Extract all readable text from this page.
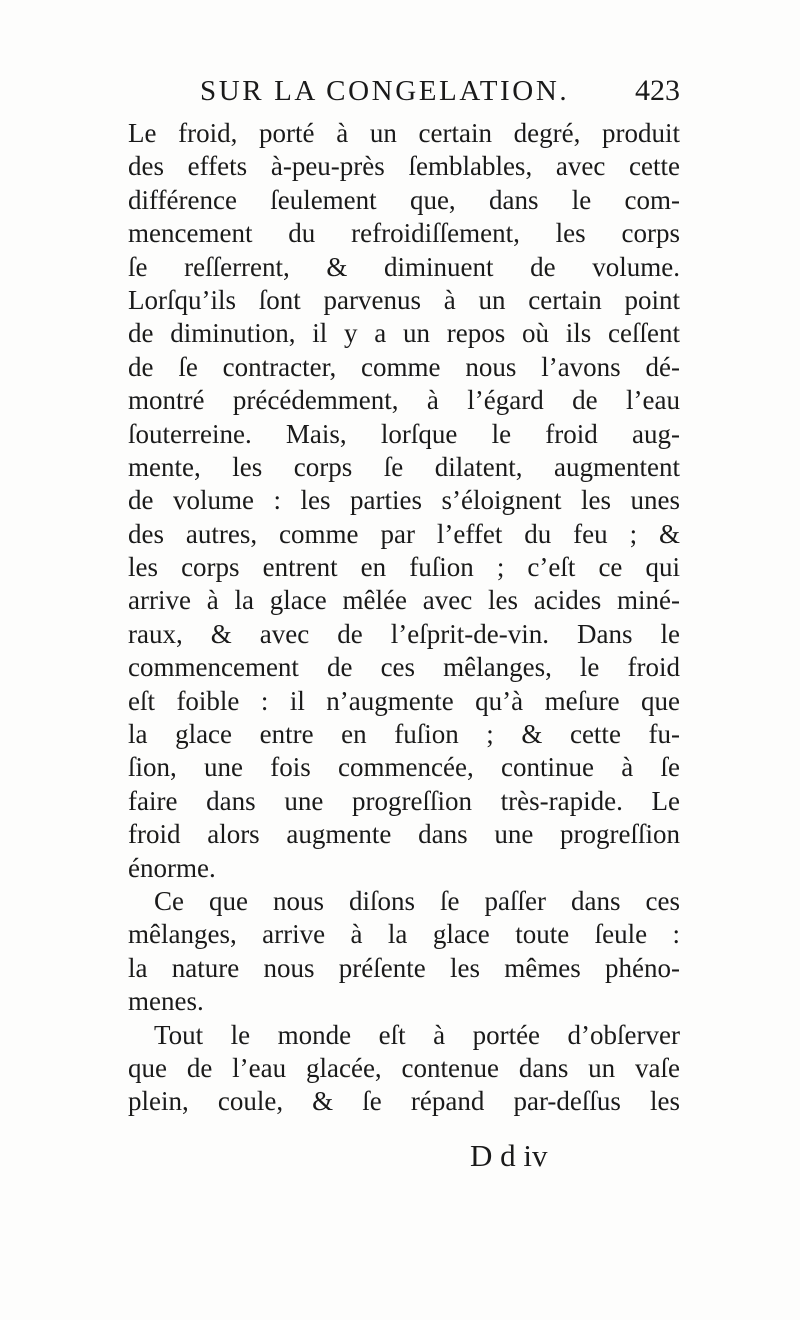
SUR LA CONGELATION. 423

Le froid, porté à un certain degré, produit
des effets à-peu-près ſemblables, avec cette
différence ſeulement que, dans le com-
mencement du refroidiſſement, les corps
ſe reſſerrent, & diminuent de volume.
Lorſqu’ils ſont parvenus à un certain point
de diminution, il y a un repos où ils ceſſent
de ſe contracter, comme nous l’avons dé-
montré précédemment, à l’égard de l’eau
ſouterreine. Mais, lorſque le froid aug-
mente, les corps ſe dilatent, augmentent
de volume : les parties s’éloignent les unes
des autres, comme par l’effet du feu ; &
les corps entrent en fuſion ; c’eſt ce qui
arrive à la glace mêlée avec les acides miné-
raux, & avec de l’eſprit-de-vin. Dans le
commencement de ces mêlanges, le froid
eſt foible : il n’augmente qu’à meſure que
la glace entre en fuſion ; & cette fu-
ſion, une fois commencée, continue à ſe
faire dans une progreſſion très-rapide. Le
froid alors augmente dans une progreſſion
énorme.

Ce que nous diſons ſe paſſer dans ces
mêlanges, arrive à la glace toute ſeule :
la nature nous préſente les mêmes phéno-
menes.

Tout le monde eſt à portée d’obſerver
que de l’eau glacée, contenue dans un vaſe
plein, coule, & ſe répand par-deſſus les

D d iv
